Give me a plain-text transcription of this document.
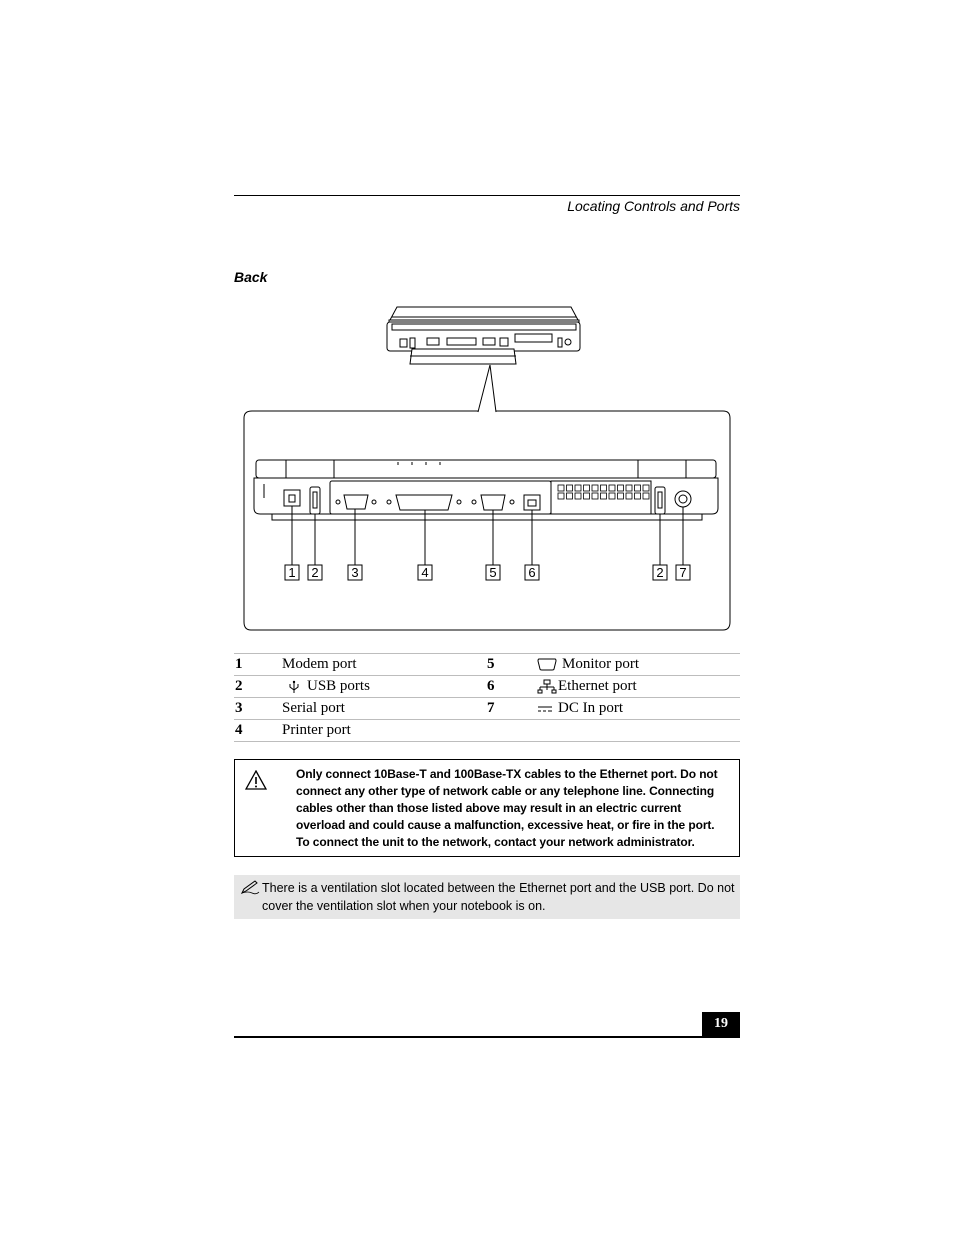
Locating Controls and Ports
Back
1 2	3	4	5 6	2 7
1	Modem port	5	Monitor port
2	USB ports	6	Ethernet port
3	Serial port	7	DC In port
4	Printer port		
Only connect 10Base-T and 100Base-TX cables to the Ethernet port. Do not connect any other type of network cable or any telephone line. Connecting cables other than those listed above may result in an electric current overload and could cause a malfunction, excessive heat, or fire in the port. To connect the unit to the network, contact your network administrator.
There is a ventilation slot located between the Ethernet port and the USB port. Do not cover the ventilation slot when your notebook is on.
19
